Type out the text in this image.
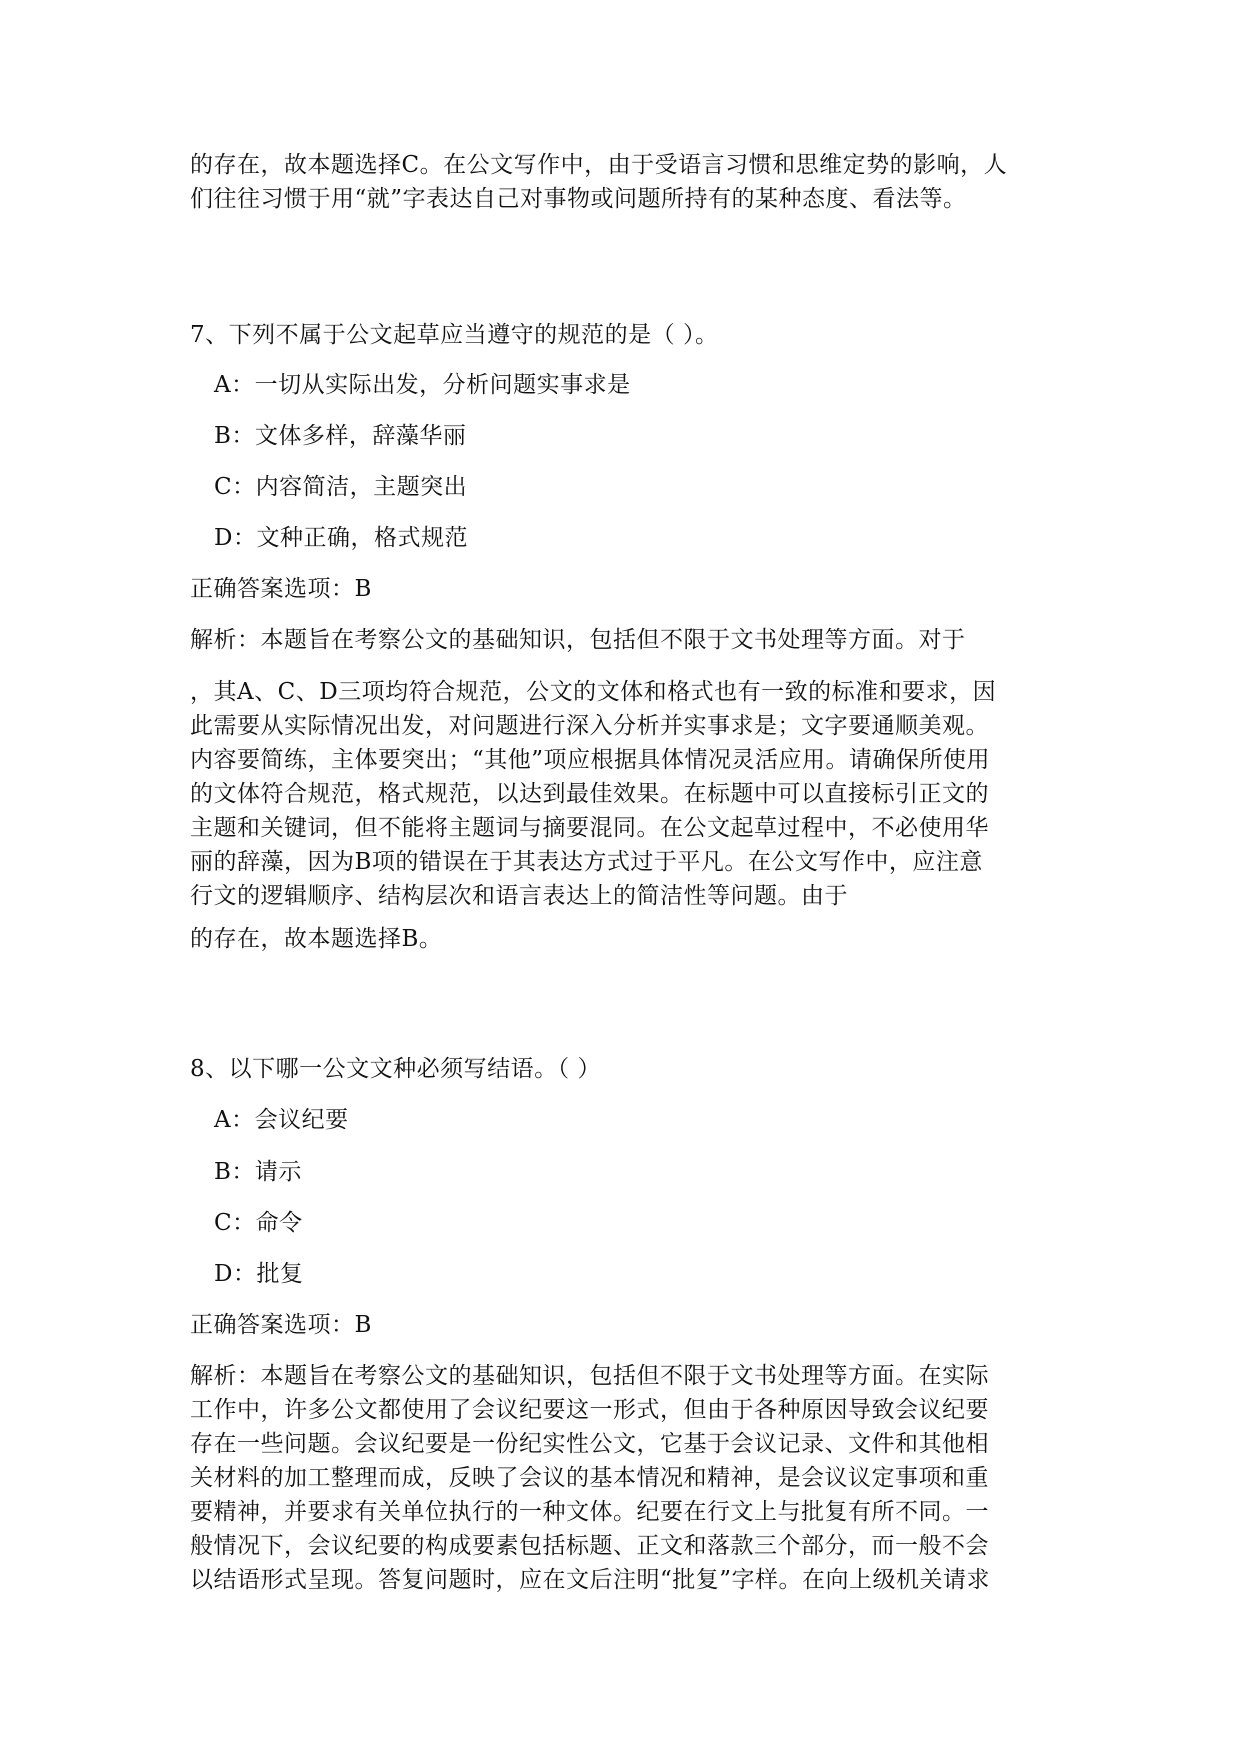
的存在，故本题选择C。在公文写作中，由于受语言习惯和思维定势的影响，人
们往往习惯于用“就”字表达自己对事物或问题所持有的某种态度、看法等。
7、下列不属于公文起草应当遵守的规范的是（ ）。
A：一切从实际出发，分析问题实事求是
B：文体多样，辞藻华丽
C：内容简洁，主题突出
D：文种正确，格式规范
正确答案选项：B
解析：本题旨在考察公文的基础知识，包括但不限于文书处理等方面。对于
，其A、C、D三项均符合规范，公文的文体和格式也有一致的标准和要求，因
此需要从实际情况出发，对问题进行深入分析并实事求是；文字要通顺美观。
内容要简练，主体要突出；“其他”项应根据具体情况灵活应用。请确保所使用
的文体符合规范，格式规范，以达到最佳效果。在标题中可以直接标引正文的
主题和关键词，但不能将主题词与摘要混同。在公文起草过程中，不必使用华
丽的辞藻，因为B项的错误在于其表达方式过于平凡。在公文写作中，应注意
行文的逻辑顺序、结构层次和语言表达上的简洁性等问题。由于
的存在，故本题选择B。
8、以下哪一公文文种必须写结语。（ ）
A：会议纪要
B：请示
C：命令
D：批复
正确答案选项：B
解析：本题旨在考察公文的基础知识，包括但不限于文书处理等方面。在实际
工作中，许多公文都使用了会议纪要这一形式，但由于各种原因导致会议纪要
存在一些问题。会议纪要是一份纪实性公文，它基于会议记录、文件和其他相
关材料的加工整理而成，反映了会议的基本情况和精神，是会议议定事项和重
要精神，并要求有关单位执行的一种文体。纪要在行文上与批复有所不同。一
般情况下，会议纪要的构成要素包括标题、正文和落款三个部分，而一般不会
以结语形式呈现。答复问题时，应在文后注明“批复”字样。在向上级机关请求
